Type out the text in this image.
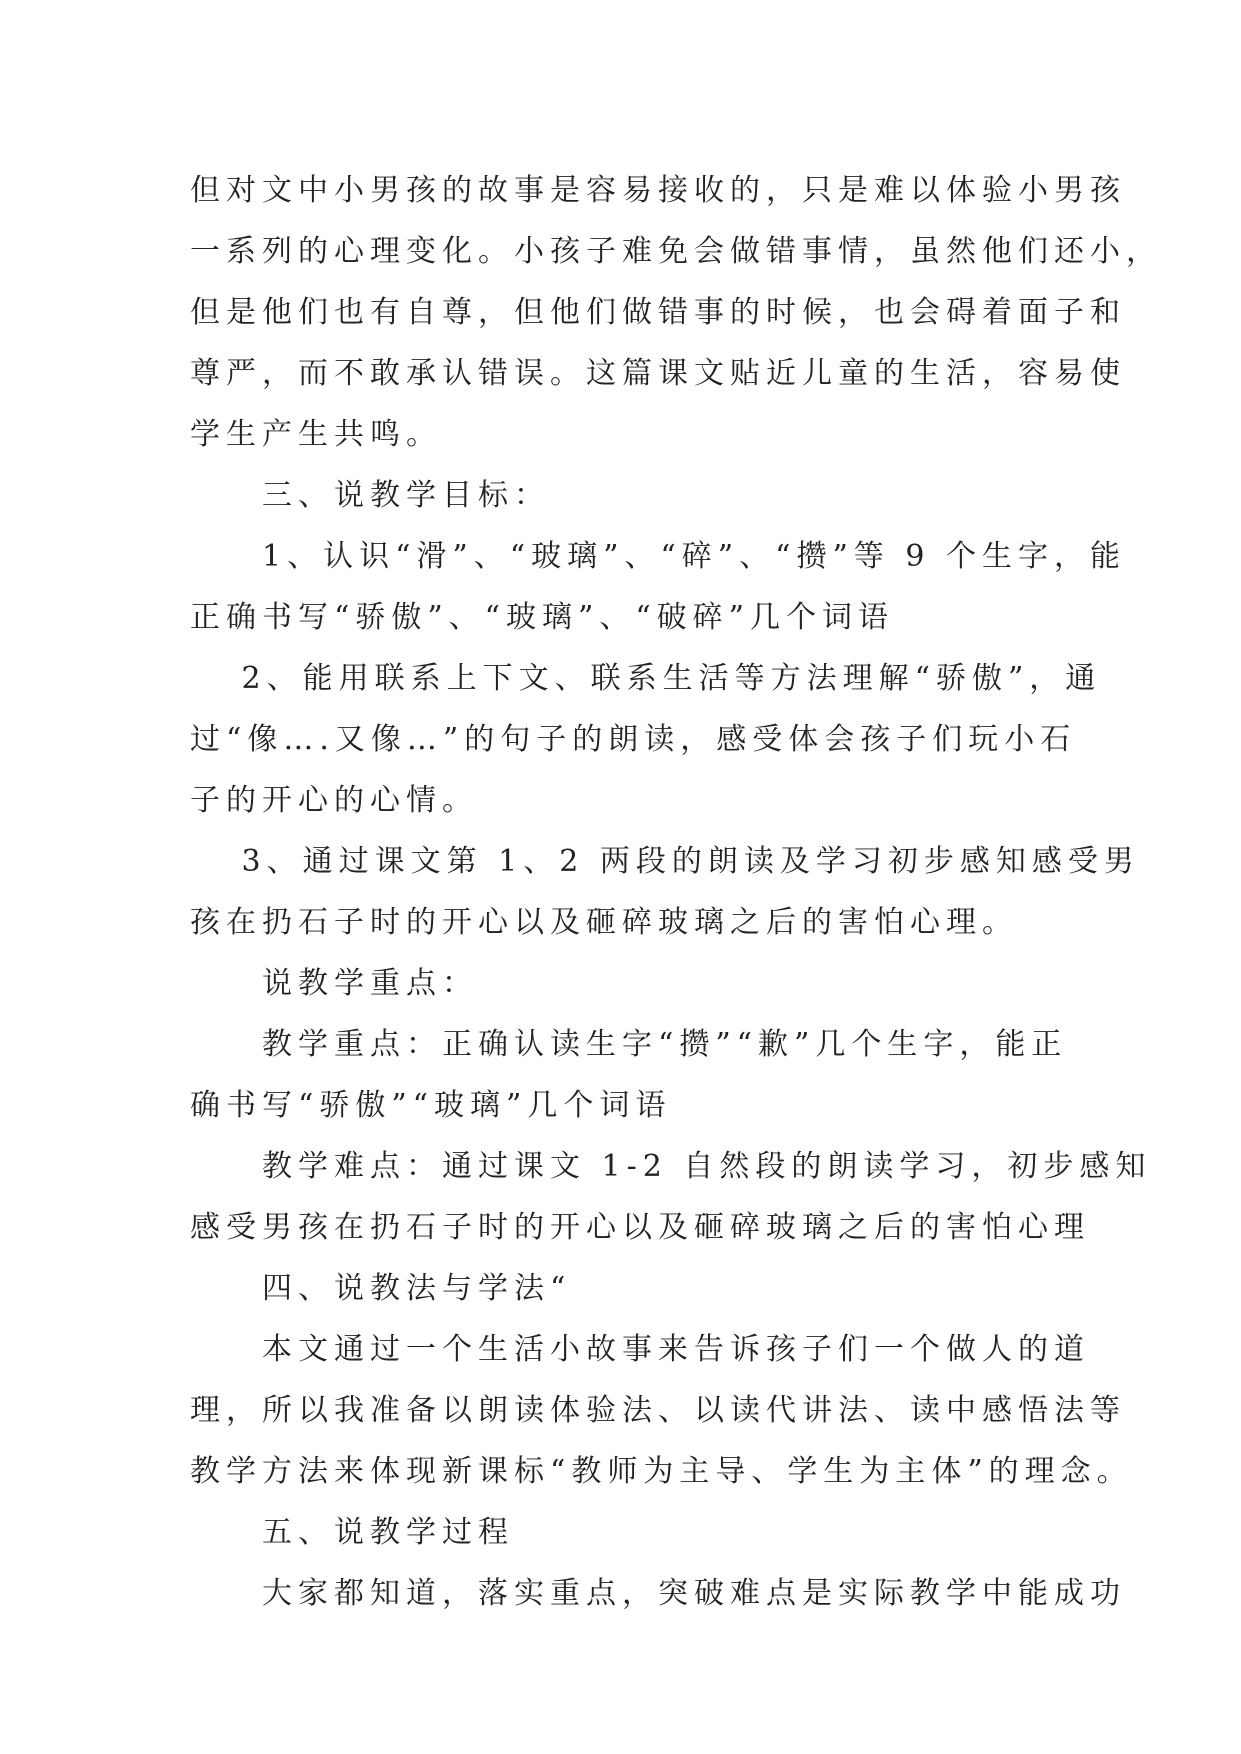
但对文中小男孩的故事是容易接收的，只是难以体验小男孩
一系列的心理变化。小孩子难免会做错事情，虽然他们还小，
但是他们也有自尊，但他们做错事的时候，也会碍着面子和
尊严，而不敢承认错误。这篇课文贴近儿童的生活，容易使
学生产生共鸣。
　　三、说教学目标：
　　1、认识“滑”、“玻璃”、“碎”、“攒”等 9 个生字，能
正确书写“骄傲”、“玻璃”、“破碎”几个词语
　 2、能用联系上下文、联系生活等方法理解“骄傲”，通
过“像….又像…”的句子的朗读，感受体会孩子们玩小石
子的开心的心情。
　 3、通过课文第 1、2 两段的朗读及学习初步感知感受男
孩在扔石子时的开心以及砸碎玻璃之后的害怕心理。
　　说教学重点：
　　教学重点：正确认读生字“攒”“歉”几个生字，能正
确书写“骄傲”“玻璃”几个词语
　　教学难点：通过课文 1-2 自然段的朗读学习，初步感知
感受男孩在扔石子时的开心以及砸碎玻璃之后的害怕心理
　　四、说教法与学法“
　　本文通过一个生活小故事来告诉孩子们一个做人的道
理，所以我准备以朗读体验法、以读代讲法、读中感悟法等
教学方法来体现新课标“教师为主导、学生为主体”的理念。
　　五、说教学过程
　　大家都知道，落实重点，突破难点是实际教学中能成功
